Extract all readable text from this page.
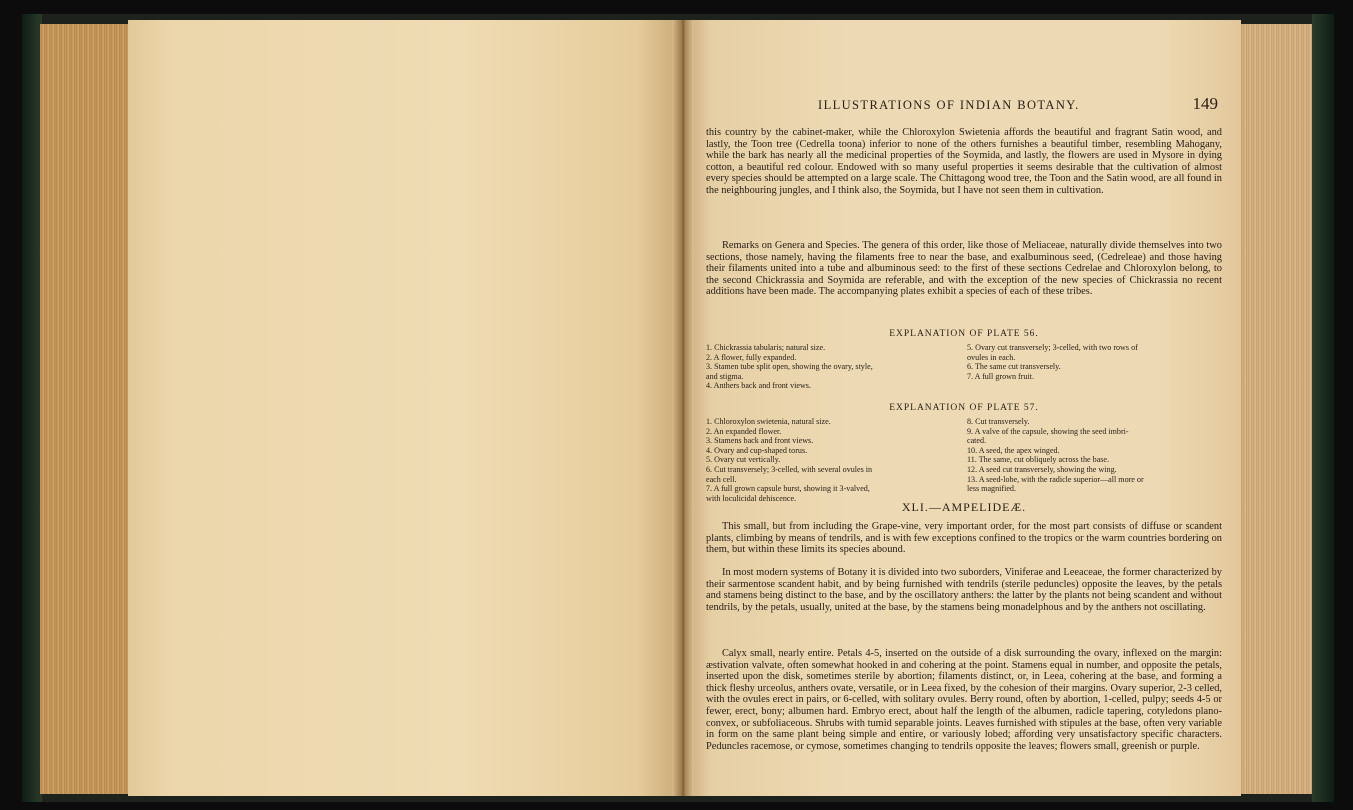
ILLUSTRATIONS OF INDIAN BOTANY.	149

this country by the cabinet-maker, while the Chloroxylon Swietenia affords the beautiful and fragrant Satin wood, and lastly, the Toon tree (Cedrella toona) inferior to none of the others furnishes a beautiful timber, resembling Mahogany, while the bark has nearly all the medicinal properties of the Soymida, and lastly, the flowers are used in Mysore in dying cotton, a beautiful red colour. Endowed with so many useful properties it seems desirable that the cultivation of almost every species should be attempted on a large scale. The Chittagong wood tree, the Toon and the Satin wood, are all found in the neighbouring jungles, and I think also, the Soymida, but I have not seen them in cultivation.

Remarks on Genera and Species. The genera of this order, like those of Meliaceae, naturally divide themselves into two sections, those namely, having the filaments free to near the base, and exalbuminous seed, (Cedreleae) and those having their filaments united into a tube and albuminous seed: to the first of these sections Cedrelae and Chloroxylon belong, to the second Chickrassia and Soymida are referable, and with the exception of the new species of Chickrassia no recent additions have been made. The accompanying plates exhibit a species of each of these tribes.

EXPLANATION OF PLATE 56.
1. Chickrassia tabularis; natural size.
2. A flower, fully expanded.
3. Stamen tube split open, showing the ovary, style,
and stigma.
4. Anthers back and front views.
5. Ovary cut transversely; 3-celled, with two rows of
ovules in each.
6. The same cut transversely.
7. A full grown fruit.
EXPLANATION OF PLATE 57.
1. Chloroxylon swietenia, natural size.
2. An expanded flower.
3. Stamens back and front views.
4. Ovary and cup-shaped torus.
5. Ovary cut vertically.
6. Cut transversely; 3-celled, with several ovules in
each cell.
7. A full grown capsule burst, showing it 3-valved,
with loculicidal dehiscence.
8. Cut transversely.
9. A valve of the capsule, showing the seed imbri-
cated.
10. A seed, the apex winged.
11. The same, cut obliquely across the base.
12. A seed cut transversely, showing the wing.
13. A seed-lobe, with the radicle superior—all more or
less magnified.
XLI.—AMPELIDEÆ.

This small, but from including the Grape-vine, very important order, for the most part consists of diffuse or scandent plants, climbing by means of tendrils, and is with few exceptions confined to the tropics or the warm countries bordering on them, but within these limits its species abound.

In most modern systems of Botany it is divided into two suborders, Viniferae and Leeaceae, the former characterized by their sarmentose scandent habit, and by being furnished with tendrils (sterile peduncles) opposite the leaves, by the petals and stamens being distinct to the base, and by the oscillatory anthers: the latter by the plants not being scandent and without tendrils, by the petals, usually, united at the base, by the stamens being monadelphous and by the anthers not oscillating.

Calyx small, nearly entire. Petals 4-5, inserted on the outside of a disk surrounding the ovary, inflexed on the margin: æstivation valvate, often somewhat hooked in and cohering at the point. Stamens equal in number, and opposite the petals, inserted upon the disk, sometimes sterile by abortion; filaments distinct, or, in Leea, cohering at the base, and forming a thick fleshy urceolus, anthers ovate, versatile, or in Leea fixed, by the cohesion of their margins. Ovary superior, 2-3 celled, with the ovules erect in pairs, or 6-celled, with solitary ovules. Berry round, often by abortion, 1-celled, pulpy; seeds 4-5 or fewer, erect, bony; albumen hard. Embryo erect, about half the length of the albumen, radicle tapering, cotyledons plano-convex, or subfoliaceous. Shrubs with tumid separable joints. Leaves furnished with stipules at the base, often very variable in form on the same plant being simple and entire, or variously lobed; affording very unsatisfactory specific characters. Peduncles racemose, or cymose, sometimes changing to tendrils opposite the leaves; flowers small, greenish or purple.
